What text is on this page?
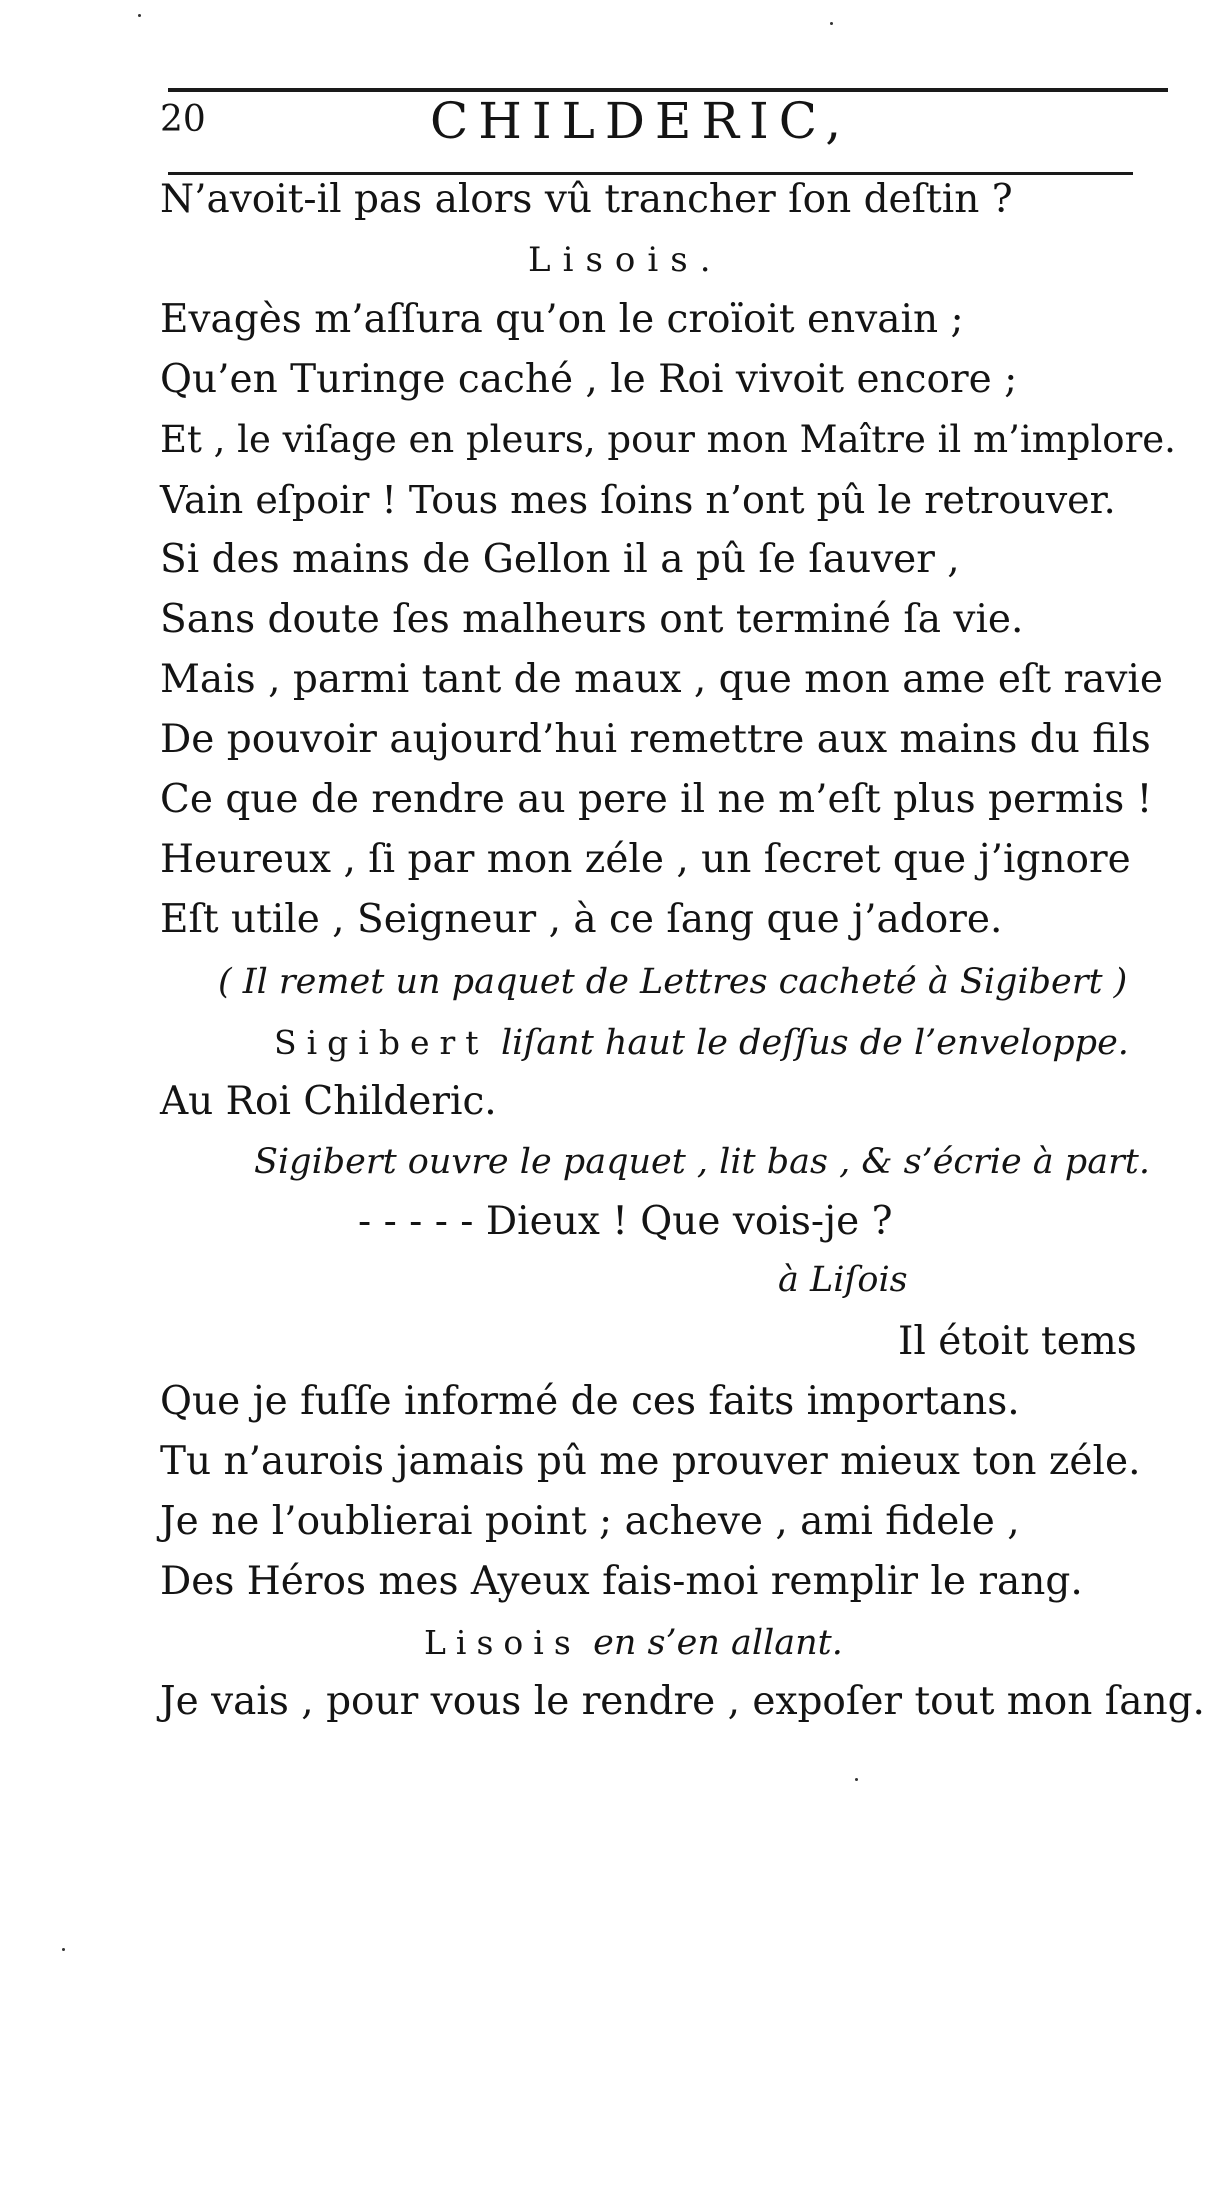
20	CHILDERIC,
N’avoit-il pas alors vû trancher ſon deſtin ?
Lisois.
Evagès m’aſſura qu’on le croïoit envain ;
Qu’en Turinge caché , le Roi vivoit encore ;
Et , le viſage en pleurs, pour mon Maître il m’implore.
Vain eſpoir ! Tous mes ſoins n’ont pû le retrouver.
Si des mains de Gellon il a pû ſe ſauver ,
Sans doute ſes malheurs ont terminé ſa vie.
Mais , parmi tant de maux , que mon ame eſt ravie
De pouvoir aujourd’hui remettre aux mains du fils
Ce que de rendre au pere il ne m’eſt plus permis !
Heureux , ſi par mon zéle , un ſecret que j’ignore
Eſt utile , Seigneur , à ce ſang que j’adore.
( Il remet un paquet de Lettres cacheté à Sigibert )
Sigibert liſant haut le deſſus de l’enveloppe.
Au Roi Childeric.
Sigibert ouvre le paquet , lit bas , & s’écrie à part.
- - - - - Dieux ! Que vois-je ?
à Liſois
Il étoit tems
Que je fuſſe informé de ces faits importans.
Tu n’aurois jamais pû me prouver mieux ton zéle.
Je ne l’oublierai point ; acheve , ami fidele ,
Des Héros mes Ayeux fais-moi remplir le rang.
Lisois en s’en allant.
Je vais , pour vous le rendre , expoſer tout mon ſang.
